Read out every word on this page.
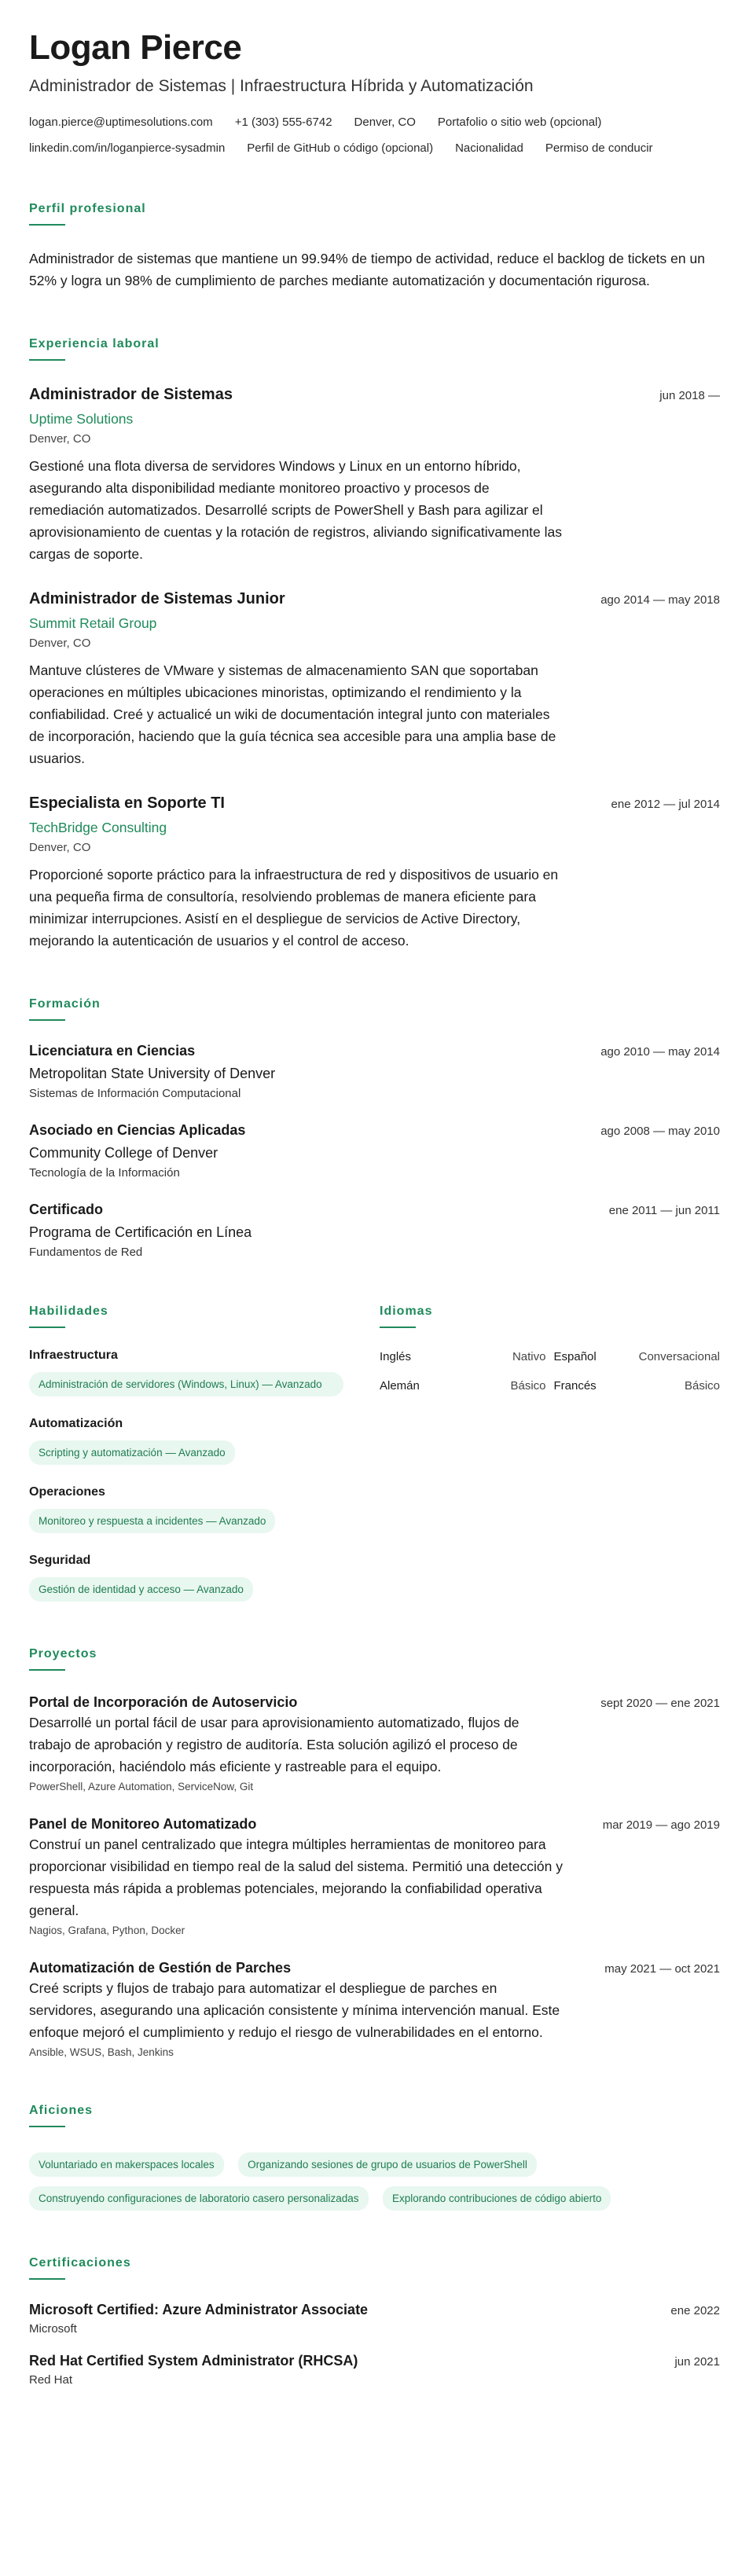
Logan Pierce
Administrador de Sistemas | Infraestructura Híbrida y Automatización
logan.pierce@uptimesolutions.com +1 (303) 555-6742 Denver, CO Portafolio o sitio web (opcional)
linkedin.com/in/loganpierce-sysadmin Perfil de GitHub o código (opcional) Nacionalidad Permiso de conducir
Perfil profesional

Administrador de sistemas que mantiene un 99.94% de tiempo de actividad, reduce el backlog de tickets en un 52% y logra un 98% de cumplimiento de parches mediante automatización y documentación rigurosa.

Experiencia laboral
Administrador de Sistemas	jun 2018 —
Uptime Solutions
Denver, CO

Gestioné una flota diversa de servidores Windows y Linux en un entorno híbrido, asegurando alta disponibilidad mediante monitoreo proactivo y procesos de remediación automatizados. Desarrollé scripts de PowerShell y Bash para agilizar el aprovisionamiento de cuentas y la rotación de registros, aliviando significativamente las cargas de soporte.

Administrador de Sistemas Junior	ago 2014 — may 2018
Summit Retail Group
Denver, CO

Mantuve clústeres de VMware y sistemas de almacenamiento SAN que soportaban operaciones en múltiples ubicaciones minoristas, optimizando el rendimiento y la confiabilidad. Creé y actualicé un wiki de documentación integral junto con materiales de incorporación, haciendo que la guía técnica sea accesible para una amplia base de usuarios.

Especialista en Soporte TI	ene 2012 — jul 2014
TechBridge Consulting
Denver, CO

Proporcioné soporte práctico para la infraestructura de red y dispositivos de usuario en una pequeña firma de consultoría, resolviendo problemas de manera eficiente para minimizar interrupciones. Asistí en el despliegue de servicios de Active Directory, mejorando la autenticación de usuarios y el control de acceso.

Formación
Licenciatura en Ciencias	ago 2010 — may 2014
Metropolitan State University of Denver
Sistemas de Información Computacional
Asociado en Ciencias Aplicadas	ago 2008 — may 2010
Community College of Denver
Tecnología de la Información
Certificado	ene 2011 — jun 2011
Programa de Certificación en Línea
Fundamentos de Red
Habilidades
Infraestructura
Administración de servidores (Windows, Linux) — Avanzado
Automatización
Scripting y automatización — Avanzado
Operaciones
Monitoreo y respuesta a incidentes — Avanzado
Seguridad
Gestión de identidad y acceso — Avanzado
Idiomas
Inglés	Nativo Español	Conversacional
Alemán	Básico Francés	Básico
Proyectos
Portal de Incorporación de Autoservicio	sept 2020 — ene 2021

Desarrollé un portal fácil de usar para aprovisionamiento automatizado, flujos de trabajo de aprobación y registro de auditoría. Esta solución agilizó el proceso de incorporación, haciéndolo más eficiente y rastreable para el equipo.

PowerShell, Azure Automation, ServiceNow, Git
Panel de Monitoreo Automatizado	mar 2019 — ago 2019

Construí un panel centralizado que integra múltiples herramientas de monitoreo para proporcionar visibilidad en tiempo real de la salud del sistema. Permitió una detección y respuesta más rápida a problemas potenciales, mejorando la confiabilidad operativa general.

Nagios, Grafana, Python, Docker
Automatización de Gestión de Parches	may 2021 — oct 2021

Creé scripts y flujos de trabajo para automatizar el despliegue de parches en servidores, asegurando una aplicación consistente y mínima intervención manual. Este enfoque mejoró el cumplimiento y redujo el riesgo de vulnerabilidades en el entorno.

Ansible, WSUS, Bash, Jenkins
Aficiones
Voluntariado en makerspaces locales	Organizando sesiones de grupo de usuarios de PowerShell Construyendo configuraciones de laboratorio casero personalizadas	Explorando contribuciones de código abierto
Certificaciones
Microsoft Certified: Azure Administrator Associate	ene 2022
Microsoft
Red Hat Certified System Administrator (RHCSA)	jun 2021
Red Hat
